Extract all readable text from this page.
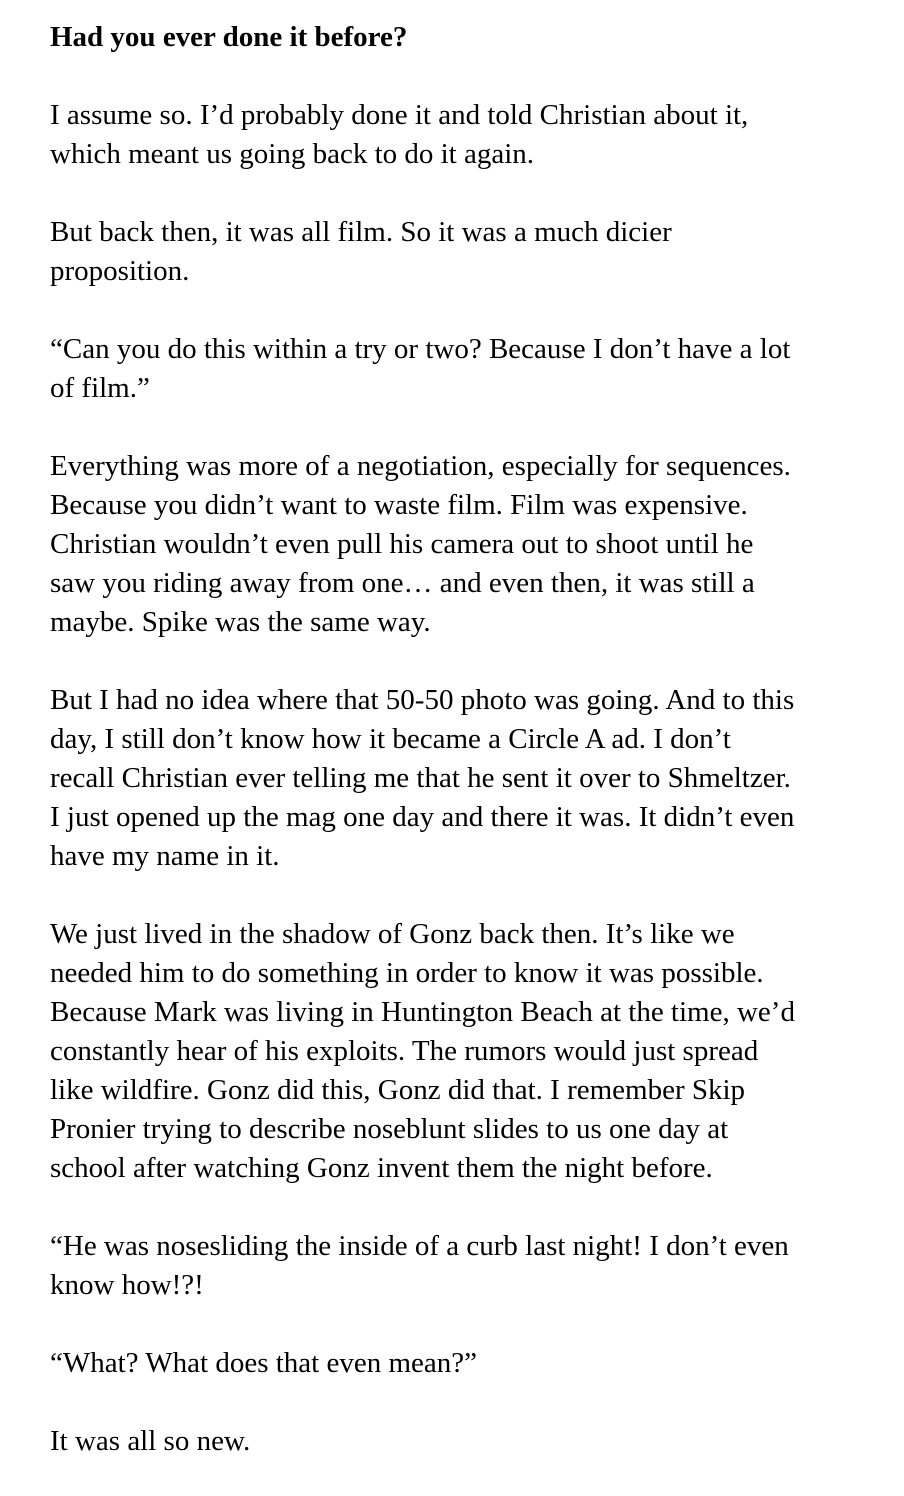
Had you ever done it before?

I assume so. I’d probably done it and told Christian about it,
which meant us going back to do it again.

But back then, it was all film. So it was a much dicier
proposition.

“Can you do this within a try or two? Because I don’t have a lot
of film.”

Everything was more of a negotiation, especially for sequences.
Because you didn’t want to waste film. Film was expensive.
Christian wouldn’t even pull his camera out to shoot until he
saw you riding away from one… and even then, it was still a
maybe. Spike was the same way.

But I had no idea where that 50-50 photo was going. And to this
day, I still don’t know how it became a Circle A ad. I don’t
recall Christian ever telling me that he sent it over to Shmeltzer.
I just opened up the mag one day and there it was. It didn’t even
have my name in it.

We just lived in the shadow of Gonz back then. It’s like we
needed him to do something in order to know it was possible.
Because Mark was living in Huntington Beach at the time, we’d
constantly hear of his exploits. The rumors would just spread
like wildfire. Gonz did this, Gonz did that. I remember Skip
Pronier trying to describe noseblunt slides to us one day at
school after watching Gonz invent them the night before.

“He was nosesliding the inside of a curb last night! I don’t even
know how!?!

“What? What does that even mean?”

It was all so new.
